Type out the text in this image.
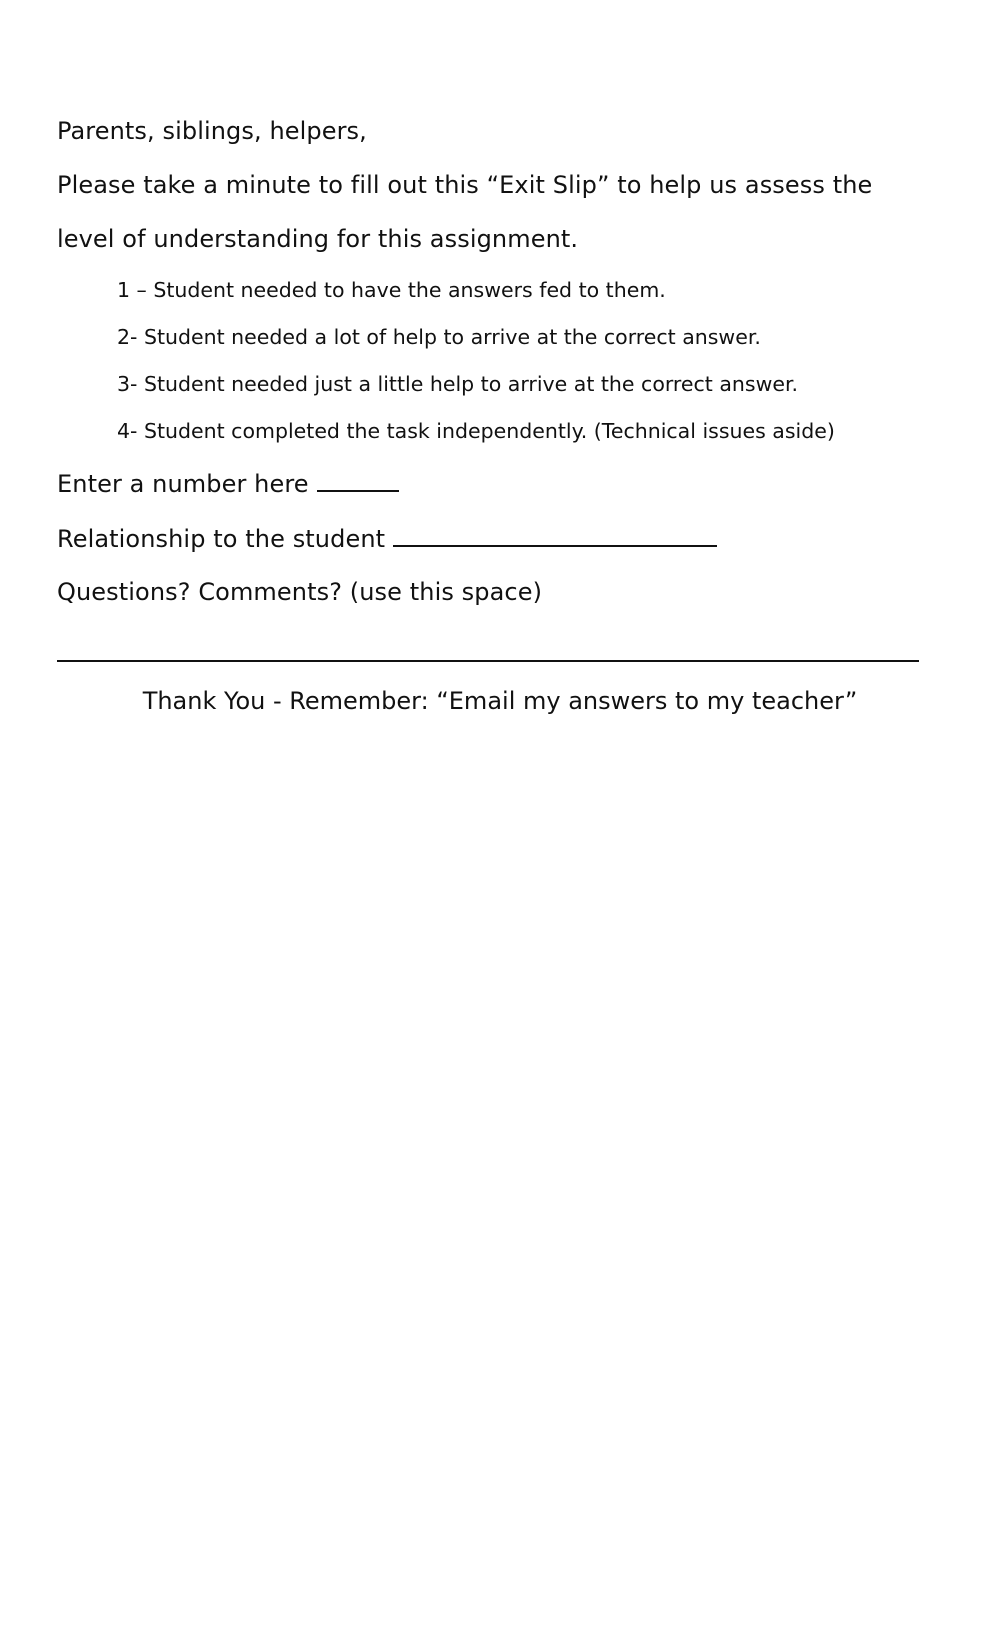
Parents, siblings, helpers,
Please take a minute to fill out this “Exit Slip” to help us assess the
level of understanding for this assignment.
1 – Student needed to have the answers fed to them.
2- Student needed a lot of help to arrive at the correct answer.
3- Student needed just a little help to arrive at the correct answer.
4- Student completed the task independently. (Technical issues aside)
Enter a number here
Relationship to the student
Questions? Comments? (use this space)
Thank You - Remember: “Email my answers to my teacher”
